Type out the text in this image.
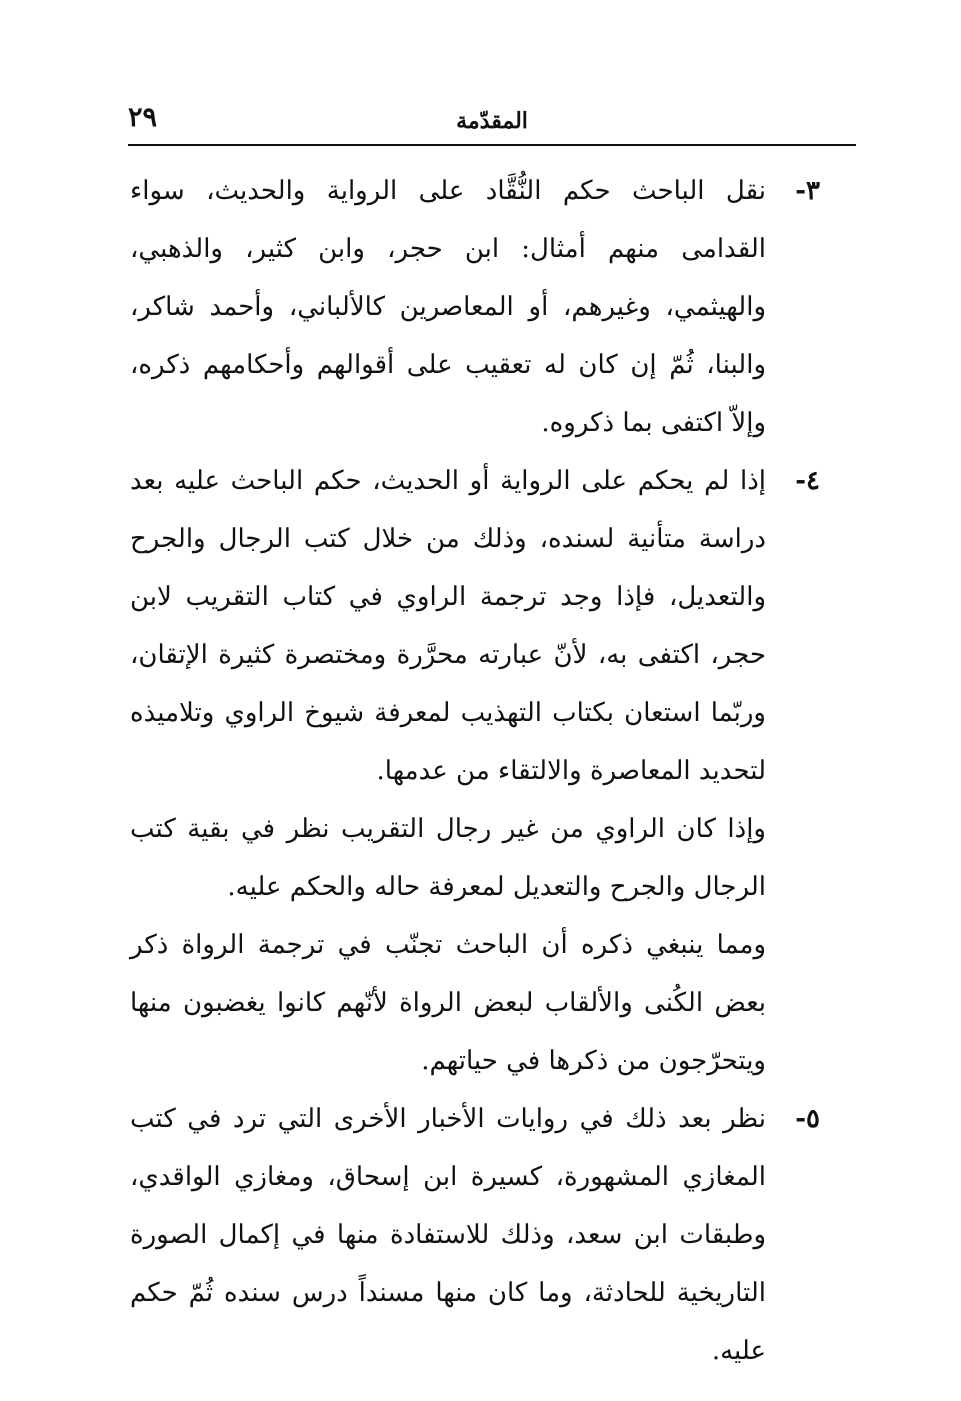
٢٩	المقدّمة
٣-

نقل الباحث حكم النُّقَّاد على الرواية والحديث، سواء القدامى منهم أمثال: ابن حجر، وابن كثير، والذهبي، والهيثمي، وغيرهم، أو المعاصرين كالألباني، وأحمد شاكر، والبنا، ثُمّ إن كان له تعقيب على أقوالهم وأحكامهم ذكره، وإلاّ اكتفى بما ذكروه.

٤-

إذا لم يحكم على الرواية أو الحديث، حكم الباحث عليه بعد دراسة متأنية لسنده، وذلك من خلال كتب الرجال والجرح والتعديل، فإذا وجد ترجمة الراوي في كتاب التقريب لابن حجر، اكتفى به، لأنّ عبارته محرَّرة ومختصرة كثيرة الإتقان، وربّما استعان بكتاب التهذيب لمعرفة شيوخ الراوي وتلاميذه لتحديد المعاصرة والالتقاء من عدمها.

وإذا كان الراوي من غير رجال التقريب نظر في بقية كتب الرجال والجرح والتعديل لمعرفة حاله والحكم عليه.

ومما ينبغي ذكره أن الباحث تجنّب في ترجمة الرواة ذكر بعض الكُنى والألقاب لبعض الرواة لأنّهم كانوا يغضبون منها ويتحرّجون من ذكرها في حياتهم.

٥-

نظر بعد ذلك في روايات الأخبار الأخرى التي ترد في كتب المغازي المشهورة، كسيرة ابن إسحاق، ومغازي الواقدي، وطبقات ابن سعد، وذلك للاستفادة منها في إكمال الصورة التاريخية للحادثة، وما كان منها مسنداً درس سنده ثُمّ حكم عليه.
